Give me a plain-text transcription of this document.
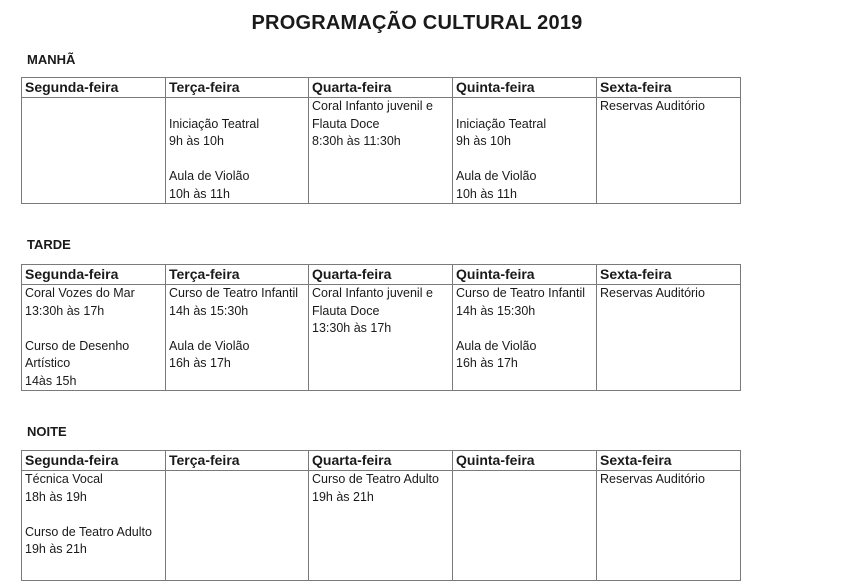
PROGRAMAÇÃO CULTURAL 2019
MANHÃ
Segunda-feira	Terça-feira	Quarta-feira	Quinta-feira	Sexta-feira

	Iniciação Teatral
9h às 10h
Aula de Violão
10h às 11h	Coral Infanto juvenil e
Flauta Doce
8:30h às 11:30h	Iniciação Teatral
9h às 10h
Aula de Violão
10h às 11h	Reservas Auditório
TARDE
Segunda-feira	Terça-feira	Quarta-feira	Quinta-feira	Sexta-feira

Coral Vozes do Mar
13:30h às 17h
Curso de Desenho
Artístico
14às 15h	Curso de Teatro Infantil
14h às 15:30h
Aula de Violão
16h às 17h	Coral Infanto juvenil e
Flauta Doce
13:30h às 17h	Curso de Teatro Infantil
14h às 15:30h
Aula de Violão
16h às 17h	Reservas Auditório
NOITE
Segunda-feira	Terça-feira	Quarta-feira	Quinta-feira	Sexta-feira

Técnica Vocal
18h às 19h
Curso de Teatro Adulto
19h às 21h		Curso de Teatro Adulto
19h às 21h		Reservas Auditório
